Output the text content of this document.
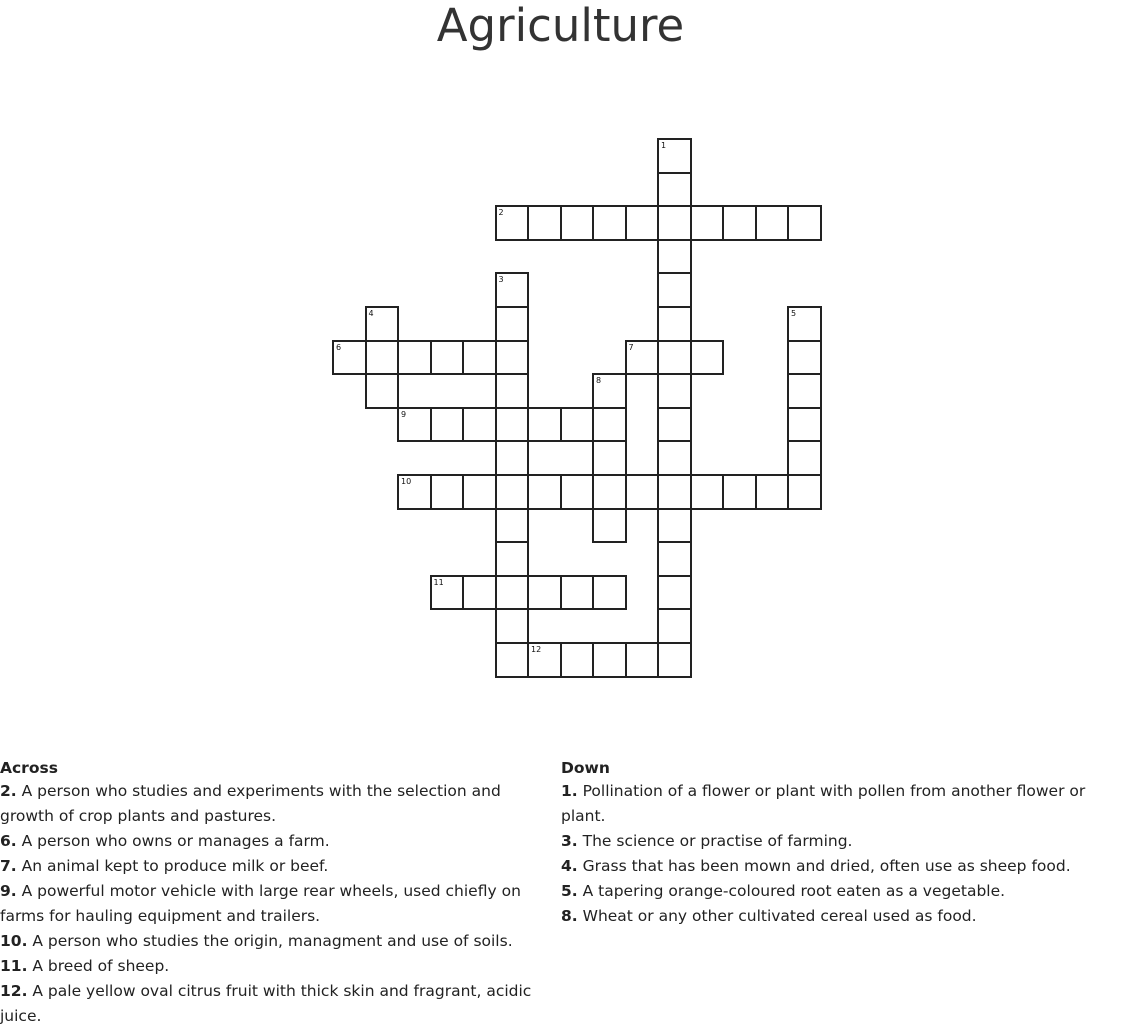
Agriculture
1
2
3
4	5
6	7
8
9
10
11
12
Across
2. A person who studies and experiments with the selection and growth of crop plants and pastures.
6. A person who owns or manages a farm.
7. An animal kept to produce milk or beef.
9. A powerful motor vehicle with large rear wheels, used chiefly on farms for hauling equipment and trailers.
10. A person who studies the origin, managment and use of soils.
11. A breed of sheep.
12. A pale yellow oval citrus fruit with thick skin and fragrant, acidic juice.
Down
1. Pollination of a flower or plant with pollen from another flower or plant.
3. The science or practise of farming.
4. Grass that has been mown and dried, often use as sheep food.
5. A tapering orange-coloured root eaten as a vegetable.
8. Wheat or any other cultivated cereal used as food.
